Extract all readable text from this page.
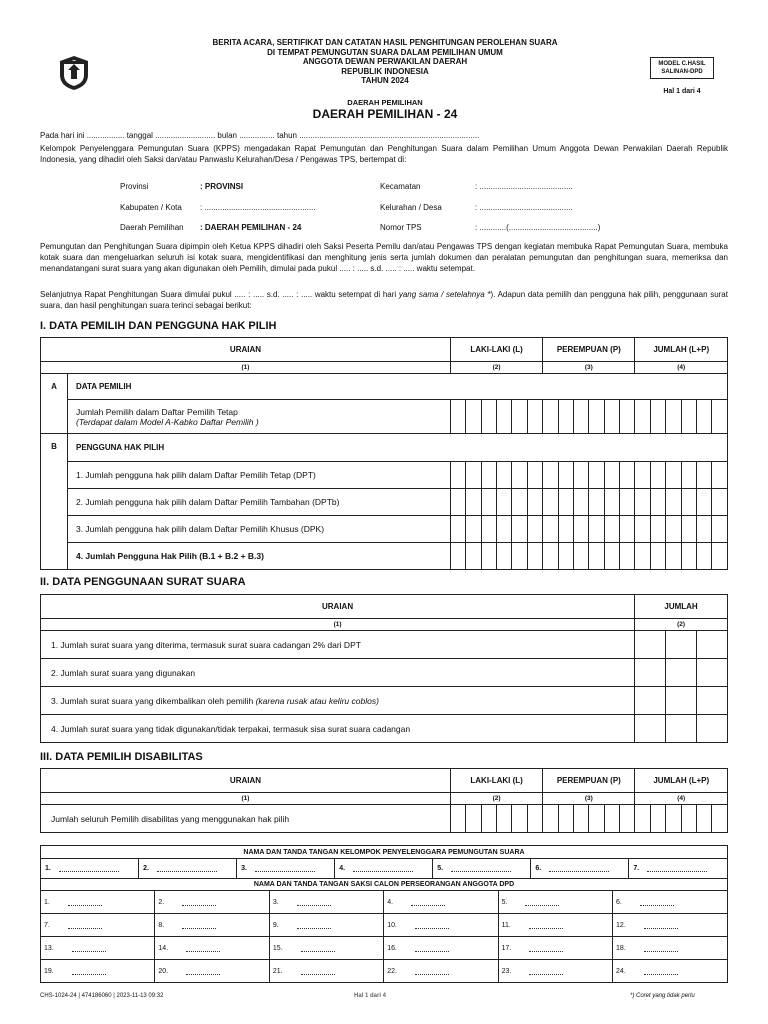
BERITA ACARA, SERTIFIKAT DAN CATATAN HASIL PENGHITUNGAN PEROLEHAN SUARA
DI TEMPAT PEMUNGUTAN SUARA DALAM PEMILIHAN UMUM
ANGGOTA DEWAN PERWAKILAN DAERAH
REPUBLIK INDONESIA
TAHUN 2024
MODEL C.HASIL
SALINAN-DPD
Hal 1 dari 4
DAERAH PEMILIHAN
DAERAH PEMILIHAN - 24
Pada hari ini ................. tanggal ........................... bulan ................ tahun .................................................................................
Kelompok Penyelenggara Pemungutan Suara (KPPS) mengadakan Rapat Pemungutan dan Penghitungan Suara dalam Pemilihan Umum Anggota Dewan Perwakilan Daerah Republik Indonesia, yang dihadiri oleh Saksi dan/atau Panwaslu Kelurahan/Desa / Pengawas TPS, bertempat di:
Provinsi	: PROVINSI
Kabupaten / Kota : ..................................................
Daerah Pemilihan : DAERAH PEMILIHAN - 24
Kecamatan	: ..........................................
Kelurahan / Desa	: ..........................................
Nomor TPS	: ............(........................................)
Pemungutan dan Penghitungan Suara dipimpin oleh Ketua KPPS dihadiri oleh Saksi Peserta Pemilu dan/atau Pengawas TPS dengan kegiatan membuka Rapat Pemungutan Suara, membuka kotak suara dan mengeluarkan seluruh isi kotak suara, mengidentifikasi dan menghitung jenis serta jumlah dokumen dan peralatan pemungutan dan penghitungan suara, memeriksa dan menandatangani surat suara yang akan digunakan oleh Pemilih, dimulai pada pukul ..... : ..... s.d. ..... : ..... waktu setempat.
Selanjutnya Rapat Penghitungan Suara dimulai pukul ..... : ..... s.d. ..... : ..... waktu setempat di hari yang sama / setelahnya *). Adapun data pemilih dan pengguna hak pilih, penggunaan surat suara, dan hasil penghitungan suara terinci sebagai berikut:
I. DATA PEMILIH DAN PENGGUNA HAK PILIH
URAIAN		LAKI-LAKI (L)						PEREMPUAN (P)						JUMLAH (L+P)					
(1)		(2)						(3)						(4)					
A	DATA PEMILIH																		

	Jumlah Pemilih dalam Daftar Pemilih Tetap
(Terdapat dalam Model A-Kabko Daftar Pemilih )																		

B	PENGGUNA HAK PILIH																		
	1. Jumlah pengguna hak pilih dalam Daftar Pemilih Tetap (DPT)																		
	2. Jumlah pengguna hak pilih dalam Daftar Pemilih Tambahan (DPTb)																		
	3. Jumlah pengguna hak pilih dalam Daftar Pemilih Khusus (DPK)																		
	4. Jumlah Pengguna Hak Pilih (B.1 + B.2 + B.3)																		
II. DATA PENGGUNAAN SURAT SUARA
URAIAN	JUMLAH		
(1)	(2)		
1. Jumlah surat suara yang diterima, termasuk surat suara cadangan 2% dari DPT			
2. Jumlah surat suara yang digunakan			
3. Jumlah surat suara yang dikembalikan oleh pemilih (karena rusak atau keliru coblos)			
4. Jumlah surat suara yang tidak digunakan/tidak terpakai, termasuk sisa surat suara cadangan			
III. DATA PEMILIH DISABILITAS
URAIAN	LAKI-LAKI (L)						PEREMPUAN (P)						JUMLAH (L+P)					
(1)	(2)						(3)						(4)					
Jumlah seluruh Pemilih disabilitas yang menggunakan hak pilih																		
NAMA DAN TANDA TANGAN KELOMPOK PENYELENGGARA PEMUNGUTAN SUARA											
1.	2.		3.		4.		5.		6.		7.
NAMA DAN TANDA TANGAN SAKSI CALON PERSEORANGAN ANGGOTA DPD											
1.		2.		3.		4.		5.		6.	
7.		8.		9.		10.		11.		12.	
13.		14.		15.		16.		17.		18.	
19.		20.		21.		22.		23.		24.	
CHS-1024-24 | 474186060 | 2023-11-13 09:32	Hal 1 dari 4	*) Coret yang tidak perlu
